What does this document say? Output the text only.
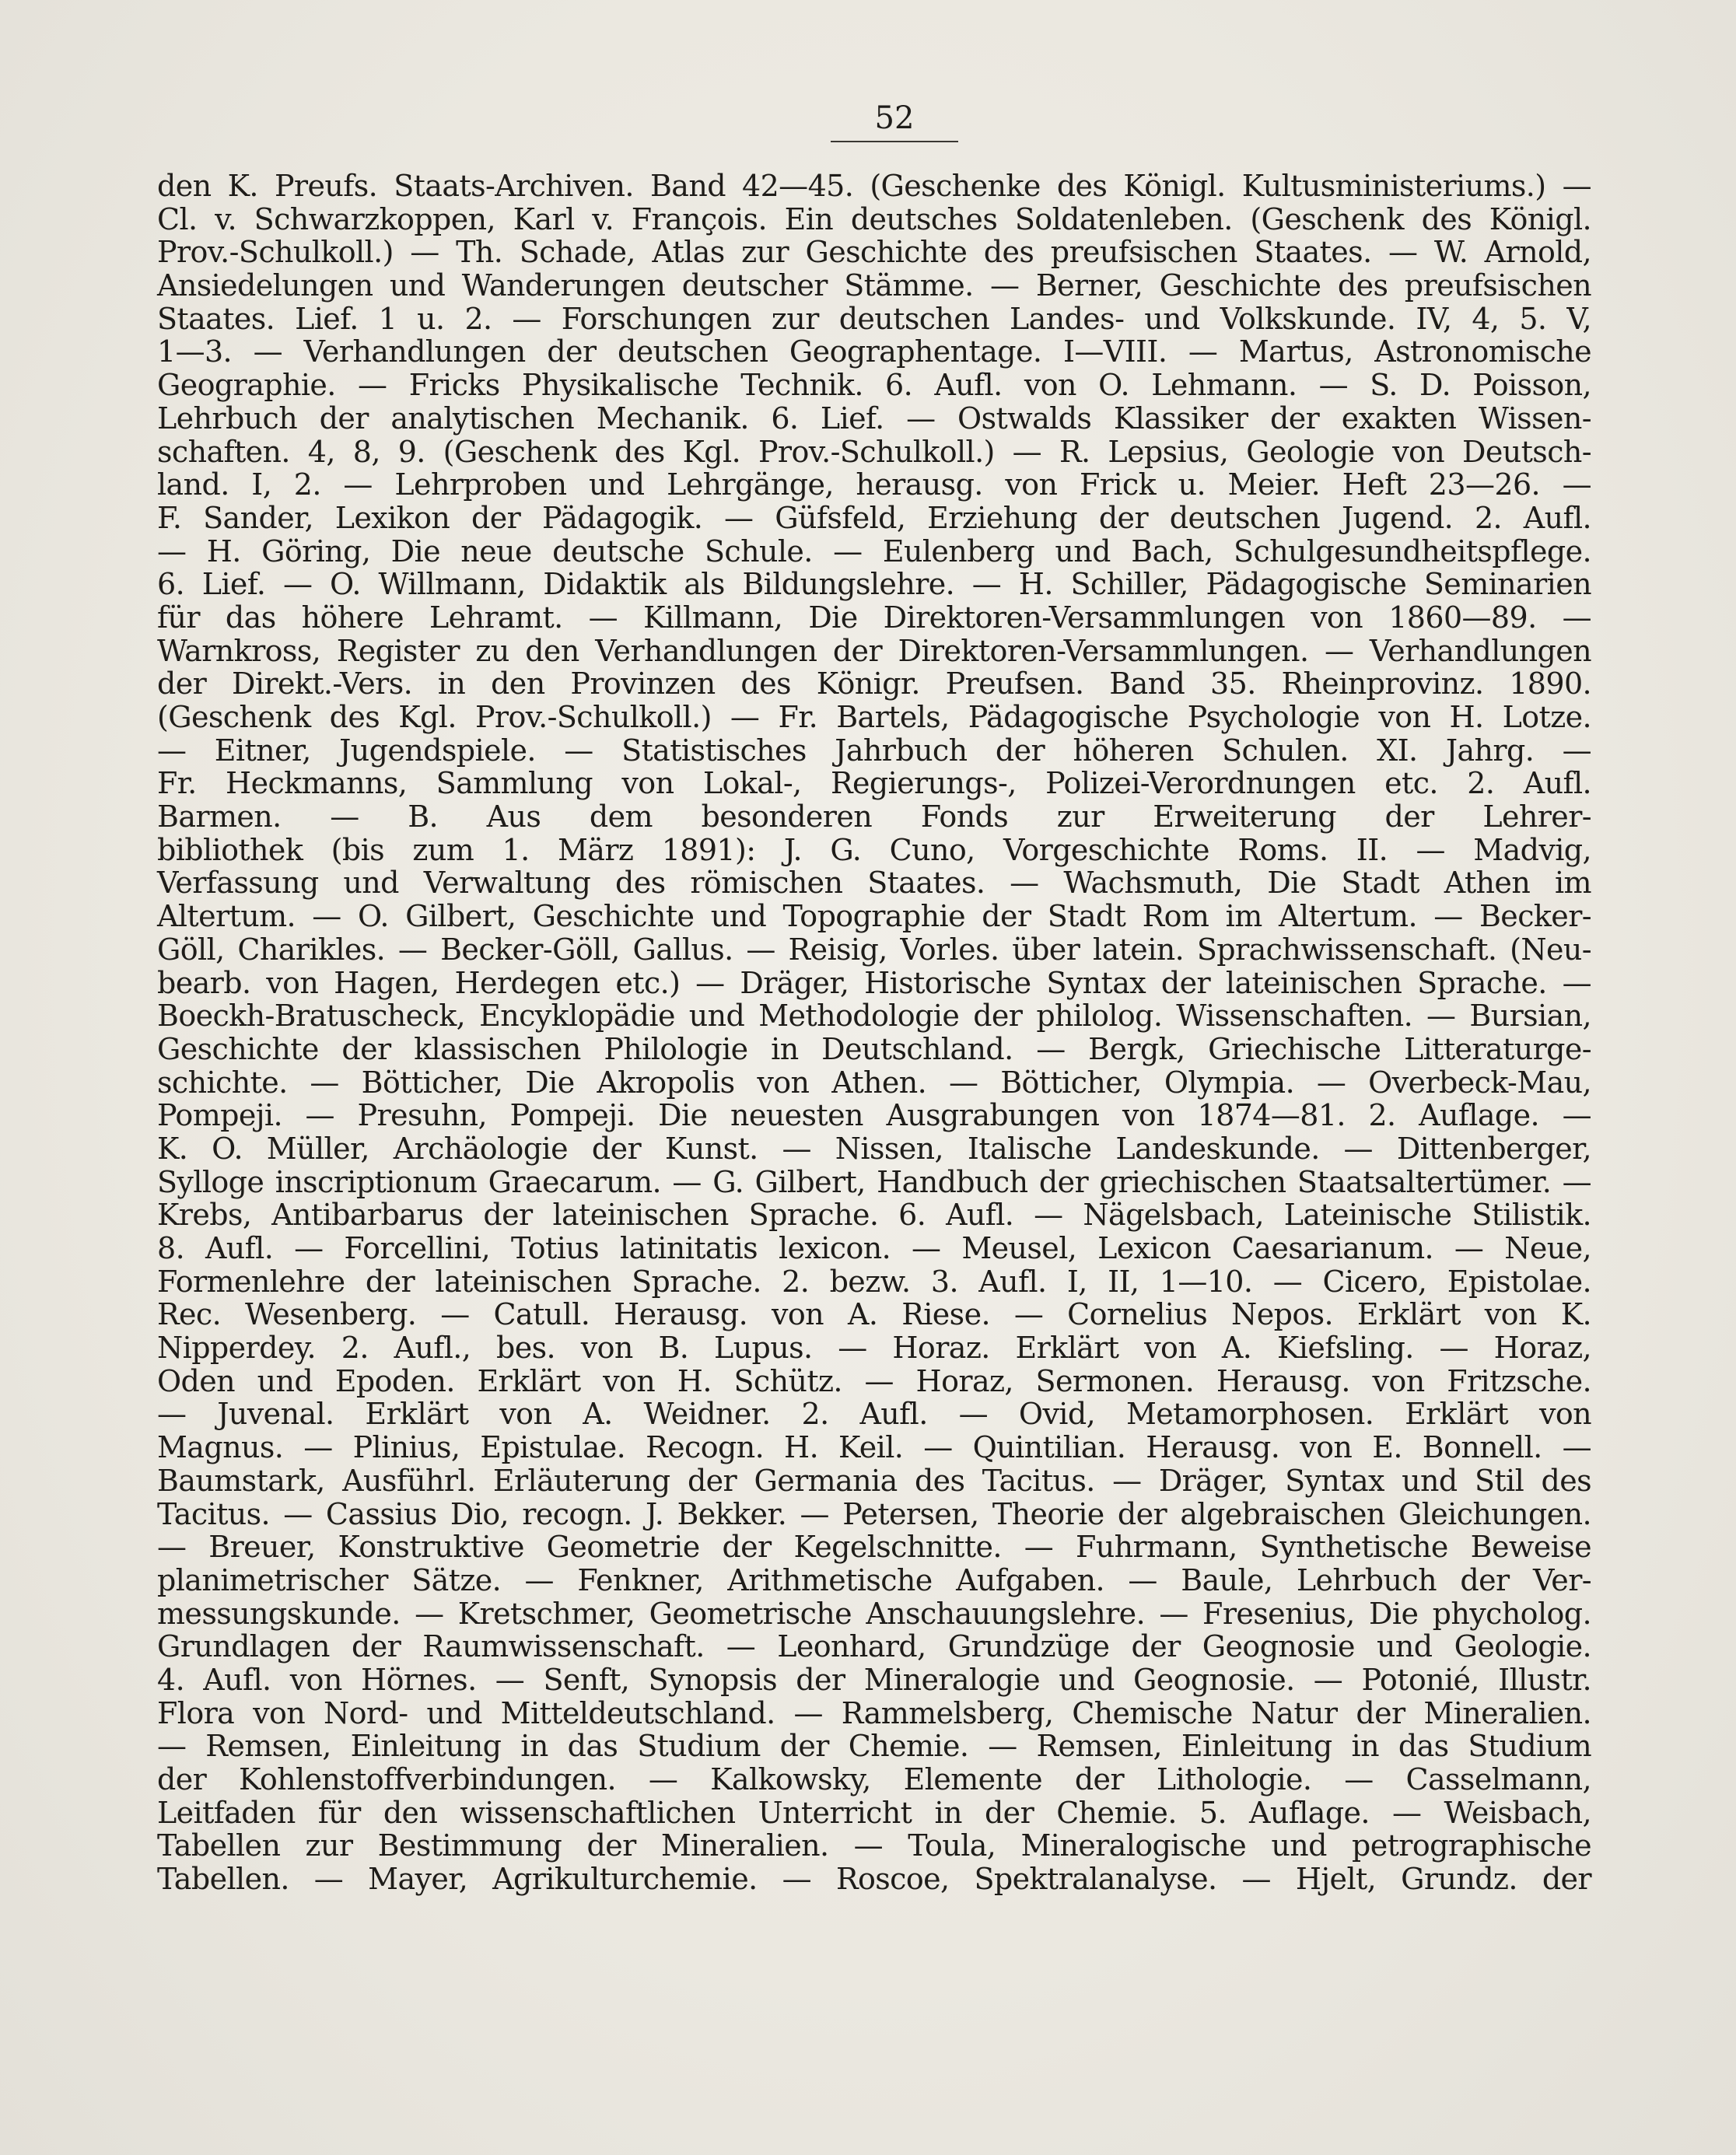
52
den K. Preufs. Staats-Archiven. Band 42—45. (Geschenke des Königl. Kultusministeriums.) —
Cl. v. Schwarzkoppen, Karl v. François. Ein deutsches Soldatenleben. (Geschenk des Königl.
Prov.-Schulkoll.) — Th. Schade, Atlas zur Geschichte des preufsischen Staates. — W. Arnold,
Ansiedelungen und Wanderungen deutscher Stämme. — Berner, Geschichte des preufsischen
Staates. Lief. 1 u. 2. — Forschungen zur deutschen Landes- und Volkskunde. IV, 4, 5. V,
1—3. — Verhandlungen der deutschen Geographentage. I—VIII. — Martus, Astronomische
Geographie. — Fricks Physikalische Technik. 6. Aufl. von O. Lehmann. — S. D. Poisson,
Lehrbuch der analytischen Mechanik. 6. Lief. — Ostwalds Klassiker der exakten Wissen-
schaften. 4, 8, 9. (Geschenk des Kgl. Prov.-Schulkoll.) — R. Lepsius, Geologie von Deutsch-
land. I, 2. — Lehrproben und Lehrgänge, herausg. von Frick u. Meier. Heft 23—26. —
F. Sander, Lexikon der Pädagogik. — Güfsfeld, Erziehung der deutschen Jugend. 2. Aufl.
— H. Göring, Die neue deutsche Schule. — Eulenberg und Bach, Schulgesundheitspflege.
6. Lief. — O. Willmann, Didaktik als Bildungslehre. — H. Schiller, Pädagogische Seminarien
für das höhere Lehramt. — Killmann, Die Direktoren-Versammlungen von 1860—89. —
Warnkross, Register zu den Verhandlungen der Direktoren-Versammlungen. — Verhandlungen
der Direkt.-Vers. in den Provinzen des Königr. Preufsen. Band 35. Rheinprovinz. 1890.
(Geschenk des Kgl. Prov.-Schulkoll.) — Fr. Bartels, Pädagogische Psychologie von H. Lotze.
— Eitner, Jugendspiele. — Statistisches Jahrbuch der höheren Schulen. XI. Jahrg. —
Fr. Heckmanns, Sammlung von Lokal-, Regierungs-, Polizei-Verordnungen etc. 2. Aufl.
Barmen. — B. Aus dem besonderen Fonds zur Erweiterung der Lehrer-
bibliothek (bis zum 1. März 1891): J. G. Cuno, Vorgeschichte Roms. II. — Madvig,
Verfassung und Verwaltung des römischen Staates. — Wachsmuth, Die Stadt Athen im
Altertum. — O. Gilbert, Geschichte und Topographie der Stadt Rom im Altertum. — Becker-
Göll, Charikles. — Becker-Göll, Gallus. — Reisig, Vorles. über latein. Sprachwissenschaft. (Neu-
bearb. von Hagen, Herdegen etc.) — Dräger, Historische Syntax der lateinischen Sprache. —
Boeckh-Bratuscheck, Encyklopädie und Methodologie der philolog. Wissenschaften. — Bursian,
Geschichte der klassischen Philologie in Deutschland. — Bergk, Griechische Litteraturge-
schichte. — Bötticher, Die Akropolis von Athen. — Bötticher, Olympia. — Overbeck-Mau,
Pompeji. — Presuhn, Pompeji. Die neuesten Ausgrabungen von 1874—81. 2. Auflage. —
K. O. Müller, Archäologie der Kunst. — Nissen, Italische Landeskunde. — Dittenberger,
Sylloge inscriptionum Graecarum. — G. Gilbert, Handbuch der griechischen Staatsaltertümer. —
Krebs, Antibarbarus der lateinischen Sprache. 6. Aufl. — Nägelsbach, Lateinische Stilistik.
8. Aufl. — Forcellini, Totius latinitatis lexicon. — Meusel, Lexicon Caesarianum. — Neue,
Formenlehre der lateinischen Sprache. 2. bezw. 3. Aufl. I, II, 1—10. — Cicero, Epistolae.
Rec. Wesenberg. — Catull. Herausg. von A. Riese. — Cornelius Nepos. Erklärt von K.
Nipperdey. 2. Aufl., bes. von B. Lupus. — Horaz. Erklärt von A. Kiefsling. — Horaz,
Oden und Epoden. Erklärt von H. Schütz. — Horaz, Sermonen. Herausg. von Fritzsche.
— Juvenal. Erklärt von A. Weidner. 2. Aufl. — Ovid, Metamorphosen. Erklärt von
Magnus. — Plinius, Epistulae. Recogn. H. Keil. — Quintilian. Herausg. von E. Bonnell. —
Baumstark, Ausführl. Erläuterung der Germania des Tacitus. — Dräger, Syntax und Stil des
Tacitus. — Cassius Dio, recogn. J. Bekker. — Petersen, Theorie der algebraischen Gleichungen.
— Breuer, Konstruktive Geometrie der Kegelschnitte. — Fuhrmann, Synthetische Beweise
planimetrischer Sätze. — Fenkner, Arithmetische Aufgaben. — Baule, Lehrbuch der Ver-
messungskunde. — Kretschmer, Geometrische Anschauungslehre. — Fresenius, Die phycholog.
Grundlagen der Raumwissenschaft. — Leonhard, Grundzüge der Geognosie und Geologie.
4. Aufl. von Hörnes. — Senft, Synopsis der Mineralogie und Geognosie. — Potonié, Illustr.
Flora von Nord- und Mitteldeutschland. — Rammelsberg, Chemische Natur der Mineralien.
— Remsen, Einleitung in das Studium der Chemie. — Remsen, Einleitung in das Studium
der Kohlenstoffverbindungen. — Kalkowsky, Elemente der Lithologie. — Casselmann,
Leitfaden für den wissenschaftlichen Unterricht in der Chemie. 5. Auflage. — Weisbach,
Tabellen zur Bestimmung der Mineralien. — Toula, Mineralogische und petrographische
Tabellen. — Mayer, Agrikulturchemie. — Roscoe, Spektralanalyse. — Hjelt, Grundz. der
